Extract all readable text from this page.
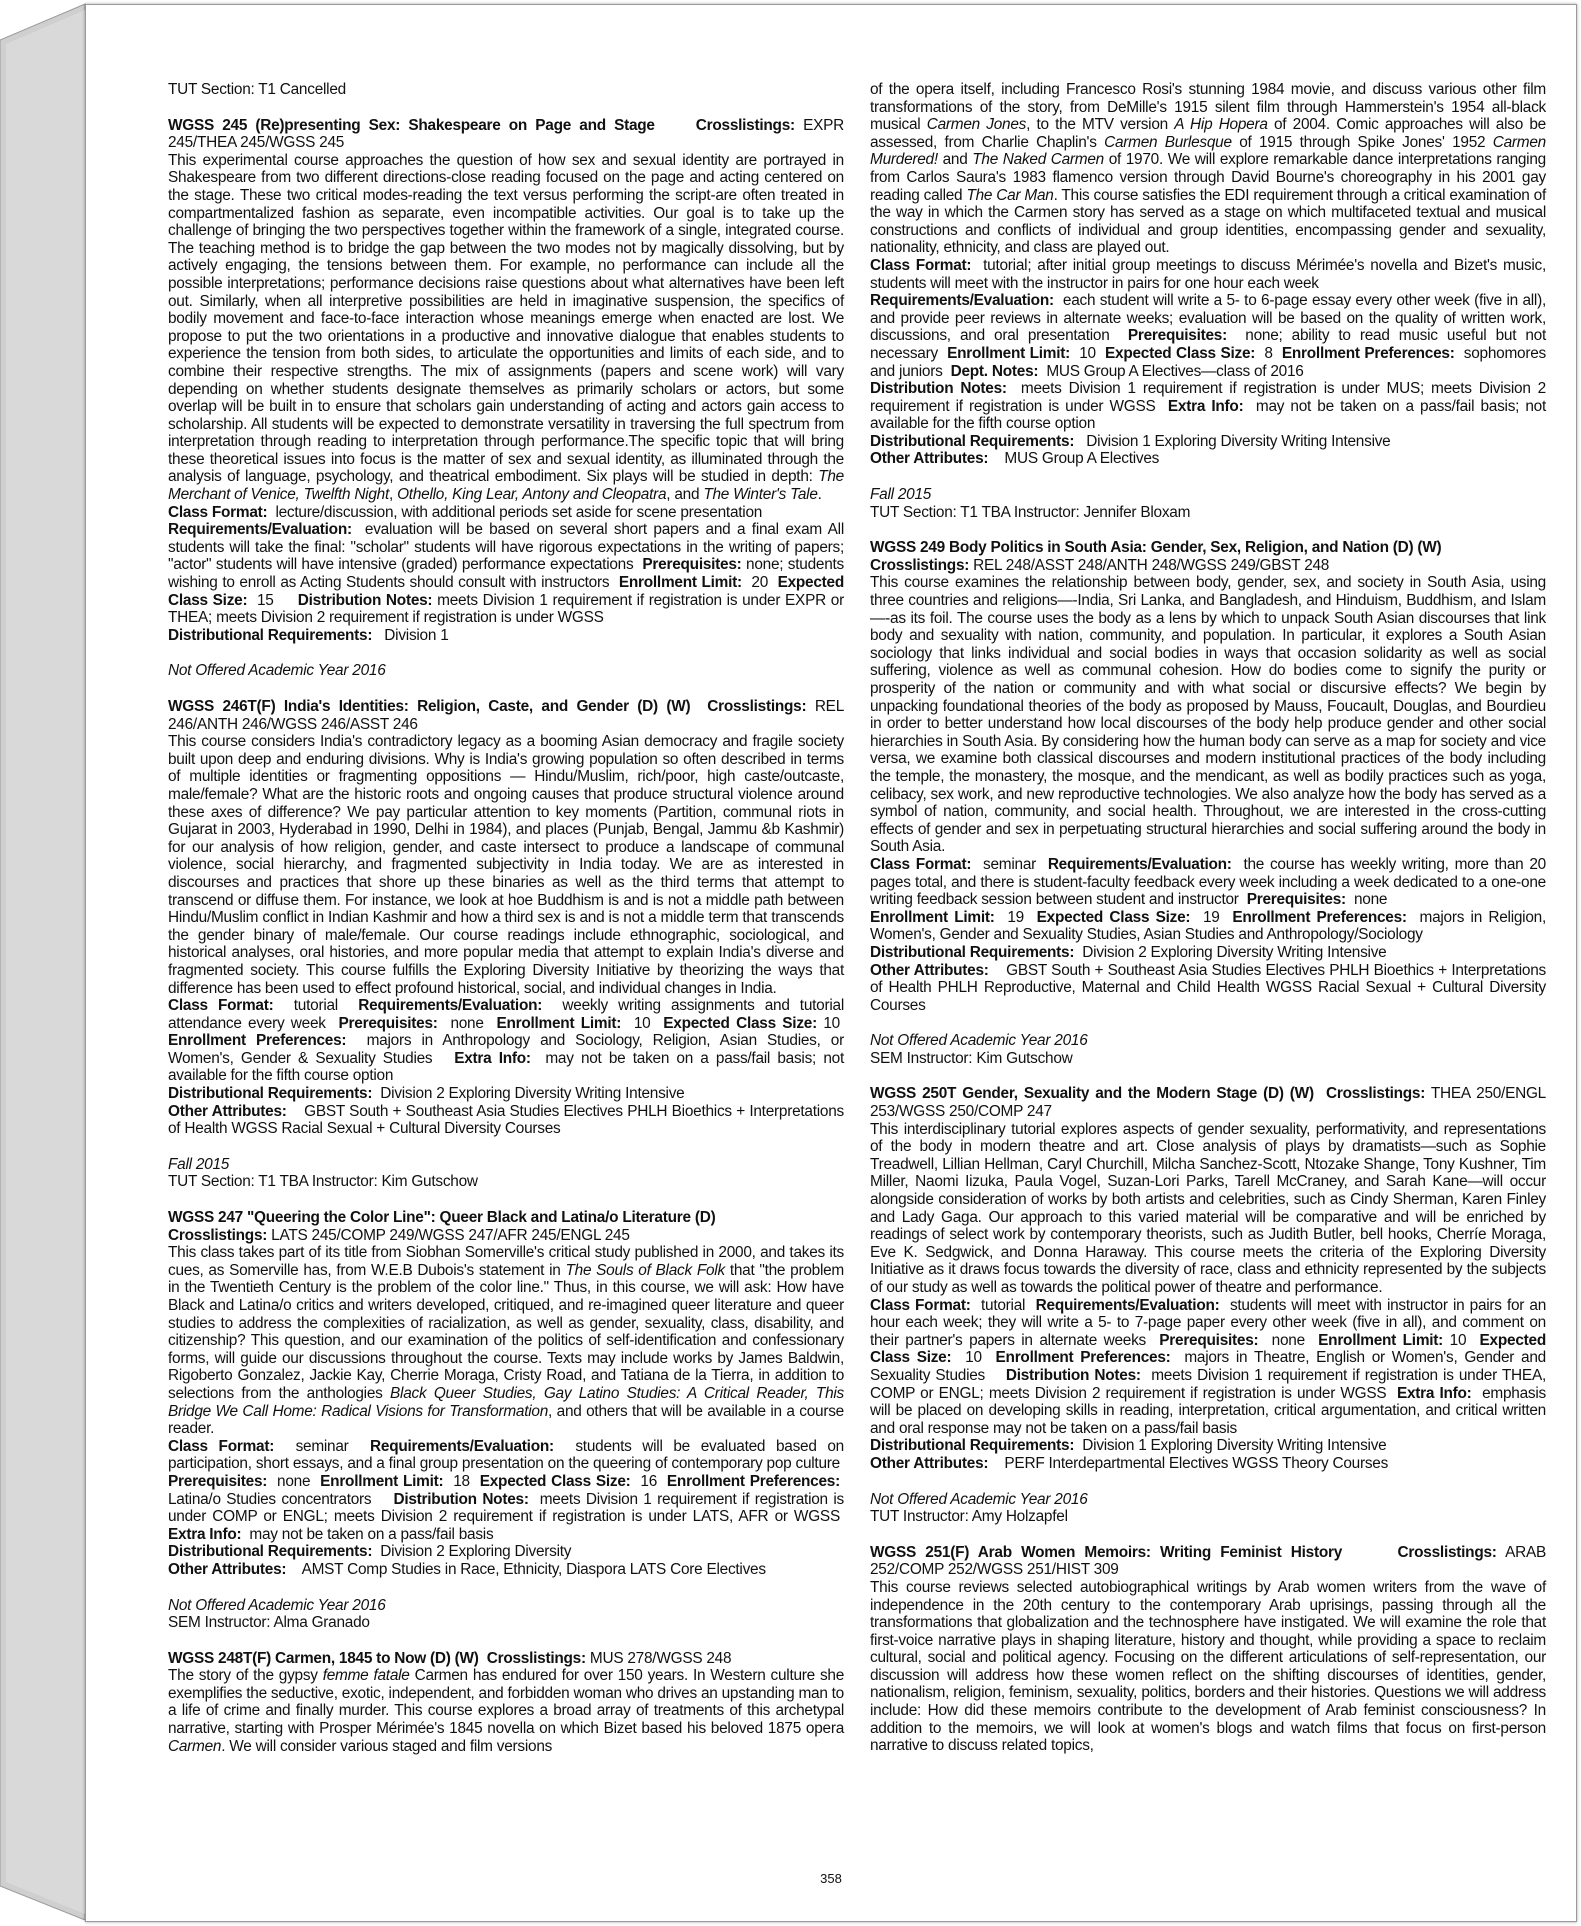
TUT Section: T1 Cancelled

WGSS 245 (Re)presenting Sex: Shakespeare on Page and Stage	Crosslistings: EXPR 245/THEA 245/WGSS 245
This experimental course approaches the question of how sex and sexual identity are portrayed in Shakespeare from two different directions-close reading focused on the page and acting centered on the stage. These two critical modes-reading the text versus performing the script-are often treated in compartmentalized fashion as separate, even incompatible activities. Our goal is to take up the challenge of bringing the two perspectives together within the framework of a single, integrated course. The teaching method is to bridge the gap between the two modes not by magically dissolving, but by actively engaging, the tensions between them. For example, no performance can include all the possible interpretations; performance decisions raise questions about what alternatives have been left out. Similarly, when all interpretive possibilities are held in imaginative suspension, the specifics of bodily movement and face-to-face interaction whose meanings emerge when enacted are lost. We propose to put the two orientations in a productive and innovative dialogue that enables students to experience the tension from both sides, to articulate the opportunities and limits of each side, and to combine their respective strengths. The mix of assignments (papers and scene work) will vary depending on whether students designate themselves as primarily scholars or actors, but some overlap will be built in to ensure that scholars gain understanding of acting and actors gain access to scholarship. All students will be expected to demonstrate versatility in traversing the full spectrum from interpretation through reading to interpretation through performance.The specific topic that will bring these theoretical issues into focus is the matter of sex and sexual identity, as illuminated through the analysis of language, psychology, and theatrical embodiment. Six plays will be studied in depth: The Merchant of Venice, Twelfth Night, Othello, King Lear, Antony and Cleopatra, and The Winter's Tale.
Class Format: lecture/discussion, with additional periods set aside for scene presentation
Requirements/Evaluation: evaluation will be based on several short papers and a final exam All students will take the final: "scholar" students will have rigorous expectations in the writing of papers; "actor" students will have intensive (graded) performance expectations Prerequisites: none; students wishing to enroll as Acting Students should consult with instructors Enrollment Limit: 20 Expected Class Size: 15 Distribution Notes: meets Division 1 requirement if registration is under EXPR or THEA; meets Division 2 requirement if registration is under WGSS
Distributional Requirements: Division 1

Not Offered Academic Year 2016

WGSS 246T(F) India's Identities: Religion, Caste, and Gender (D) (W) Crosslistings: REL 246/ANTH 246/WGSS 246/ASST 246
This course considers India's contradictory legacy as a booming Asian democracy and fragile society built upon deep and enduring divisions. Why is India's growing population so often described in terms of multiple identities or fragmenting oppositions — Hindu/Muslim, rich/poor, high caste/outcaste, male/female? What are the historic roots and ongoing causes that produce structural violence around these axes of difference? We pay particular attention to key moments (Partition, communal riots in Gujarat in 2003, Hyderabad in 1990, Delhi in 1984), and places (Punjab, Bengal, Jammu &b Kashmir) for our analysis of how religion, gender, and caste intersect to produce a landscape of communal violence, social hierarchy, and fragmented subjectivity in India today. We are as interested in discourses and practices that shore up these binaries as well as the third terms that attempt to transcend or diffuse them. For instance, we look at hoe Buddhism is and is not a middle path between Hindu/Muslim conflict in Indian Kashmir and how a third sex is and is not a middle term that transcends the gender binary of male/female. Our course readings include ethnographic, sociological, and historical analyses, oral histories, and more popular media that attempt to explain India's diverse and fragmented society. This course fulfills the Exploring Diversity Initiative by theorizing the ways that difference has been used to effect profound historical, social, and individual changes in India.
Class Format: tutorial Requirements/Evaluation: weekly writing assignments and tutorial attendance every week Prerequisites: none Enrollment Limit: 10 Expected Class Size: 10  Enrollment Preferences: majors in Anthropology and Sociology, Religion, Asian Studies, or Women's, Gender & Sexuality Studies Extra Info: may not be taken on a pass/fail basis; not available for the fifth course option
Distributional Requirements: Division 2 Exploring Diversity Writing Intensive
Other Attributes: GBST South + Southeast Asia Studies Electives PHLH Bioethics + Interpretations of Health WGSS Racial Sexual + Cultural Diversity Courses

Fall 2015

TUT Section: T1 TBA Instructor: Kim Gutschow

WGSS 247 "Queering the Color Line": Queer Black and Latina/o Literature (D)
Crosslistings: LATS 245/COMP 249/WGSS 247/AFR 245/ENGL 245
This class takes part of its title from Siobhan Somerville's critical study published in 2000, and takes its cues, as Somerville has, from W.E.B Dubois's statement in The Souls of Black Folk that "the problem in the Twentieth Century is the problem of the color line." Thus, in this course, we will ask: How have Black and Latina/o critics and writers developed, critiqued, and re-imagined queer literature and queer studies to address the complexities of racialization, as well as gender, sexuality, class, disability, and citizenship? This question, and our examination of the politics of self-identification and confessionary forms, will guide our discussions throughout the course. Texts may include works by James Baldwin, Rigoberto Gonzalez, Jackie Kay, Cherrie Moraga, Cristy Road, and Tatiana de la Tierra, in addition to selections from the anthologies Black Queer Studies, Gay Latino Studies: A Critical Reader, This Bridge We Call Home: Radical Visions for Transformation, and others that will be available in a course reader.
Class Format: seminar Requirements/Evaluation: students will be evaluated based on participation, short essays, and a final group presentation on the queering of contemporary pop culture  Prerequisites: none Enrollment Limit: 18 Expected Class Size: 16 Enrollment Preferences:  Latina/o Studies concentrators Distribution Notes: meets Division 1 requirement if registration is under COMP or ENGL; meets Division 2 requirement if registration is under LATS, AFR or WGSS  Extra Info: may not be taken on a pass/fail basis
Distributional Requirements: Division 2 Exploring Diversity
Other Attributes: AMST Comp Studies in Race, Ethnicity, Diaspora LATS Core Electives

Not Offered Academic Year 2016

SEM Instructor: Alma Granado

WGSS 248T(F) Carmen, 1845 to Now (D) (W) Crosslistings: MUS 278/WGSS 248
The story of the gypsy femme fatale Carmen has endured for over 150 years. In Western culture she exemplifies the seductive, exotic, independent, and forbidden woman who drives an upstanding man to a life of crime and finally murder. This course explores a broad array of treatments of this archetypal narrative, starting with Prosper Mérimée's 1845 novella on which Bizet based his beloved 1875 opera Carmen. We will consider various staged and film versions

of the opera itself, including Francesco Rosi's stunning 1984 movie, and discuss various other film transformations of the story, from DeMille's 1915 silent film through Hammerstein's 1954 all-black musical Carmen Jones, to the MTV version A Hip Hopera of 2004. Comic approaches will also be assessed, from Charlie Chaplin's Carmen Burlesque of 1915 through Spike Jones' 1952 Carmen Murdered! and The Naked Carmen of 1970. We will explore remarkable dance interpretations ranging from Carlos Saura's 1983 flamenco version through David Bourne's choreography in his 2001 gay reading called The Car Man. This course satisfies the EDI requirement through a critical examination of the way in which the Carmen story has served as a stage on which multifaceted textual and musical constructions and conflicts of individual and group identities, encompassing gender and sexuality, nationality, ethnicity, and class are played out.
Class Format: tutorial; after initial group meetings to discuss Mérimée's novella and Bizet's music, students will meet with the instructor in pairs for one hour each week
Requirements/Evaluation: each student will write a 5- to 6-page essay every other week (five in all), and provide peer reviews in alternate weeks; evaluation will be based on the quality of written work, discussions, and oral presentation Prerequisites: none; ability to read music useful but not necessary Enrollment Limit: 10 Expected Class Size: 8 Enrollment Preferences: sophomores and juniors Dept. Notes: MUS Group A Electives—class of 2016
Distribution Notes: meets Division 1 requirement if registration is under MUS; meets Division 2 requirement if registration is under WGSS Extra Info: may not be taken on a pass/fail basis; not available for the fifth course option
Distributional Requirements: Division 1 Exploring Diversity Writing Intensive
Other Attributes: MUS Group A Electives

Fall 2015

TUT Section: T1 TBA Instructor: Jennifer Bloxam

WGSS 249 Body Politics in South Asia: Gender, Sex, Religion, and Nation (D) (W)
Crosslistings: REL 248/ASST 248/ANTH 248/WGSS 249/GBST 248
This course examines the relationship between body, gender, sex, and society in South Asia, using three countries and religions—-India, Sri Lanka, and Bangladesh, and Hinduism, Buddhism, and Islam—-as its foil. The course uses the body as a lens by which to unpack South Asian discourses that link body and sexuality with nation, community, and population. In particular, it explores a South Asian sociology that links individual and social bodies in ways that occasion solidarity as well as social suffering, violence as well as communal cohesion. How do bodies come to signify the purity or prosperity of the nation or community and with what social or discursive effects? We begin by unpacking foundational theories of the body as proposed by Mauss, Foucault, Douglas, and Bourdieu in order to better understand how local discourses of the body help produce gender and other social hierarchies in South Asia. By considering how the human body can serve as a map for society and vice versa, we examine both classical discourses and modern institutional practices of the body including the temple, the monastery, the mosque, and the mendicant, as well as bodily practices such as yoga, celibacy, sex work, and new reproductive technologies. We also analyze how the body has served as a symbol of nation, community, and social health. Throughout, we are interested in the cross-cutting effects of gender and sex in perpetuating structural hierarchies and social suffering around the body in South Asia.
Class Format: seminar Requirements/Evaluation: the course has weekly writing, more than 20 pages total, and there is student-faculty feedback every week including a week dedicated to a one-one writing feedback session between student and instructor Prerequisites: none
Enrollment Limit: 19 Expected Class Size: 19 Enrollment Preferences: majors in Religion, Women's, Gender and Sexuality Studies, Asian Studies and Anthropology/Sociology
Distributional Requirements: Division 2 Exploring Diversity Writing Intensive
Other Attributes: GBST South + Southeast Asia Studies Electives PHLH Bioethics + Interpretations of Health PHLH Reproductive, Maternal and Child Health WGSS Racial Sexual + Cultural Diversity Courses

Not Offered Academic Year 2016

SEM Instructor: Kim Gutschow

WGSS 250T Gender, Sexuality and the Modern Stage (D) (W) Crosslistings: THEA 250/ENGL 253/WGSS 250/COMP 247
This interdisciplinary tutorial explores aspects of gender sexuality, performativity, and representations of the body in modern theatre and art. Close analysis of plays by dramatists—such as Sophie Treadwell, Lillian Hellman, Caryl Churchill, Milcha Sanchez-Scott, Ntozake Shange, Tony Kushner, Tim Miller, Naomi Iizuka, Paula Vogel, Suzan-Lori Parks, Tarell McCraney, and Sarah Kane—will occur alongside consideration of works by both artists and celebrities, such as Cindy Sherman, Karen Finley and Lady Gaga. Our approach to this varied material will be comparative and will be enriched by readings of select work by contemporary theorists, such as Judith Butler, bell hooks, Cherríe Moraga, Eve K. Sedgwick, and Donna Haraway. This course meets the criteria of the Exploring Diversity Initiative as it draws focus towards the diversity of race, class and ethnicity represented by the subjects of our study as well as towards the political power of theatre and performance.
Class Format: tutorial Requirements/Evaluation: students will meet with instructor in pairs for an hour each week; they will write a 5- to 7-page paper every other week (five in all), and comment on their partner's papers in alternate weeks Prerequisites: none Enrollment Limit: 10 Expected Class Size: 10 Enrollment Preferences: majors in Theatre, English or Women's, Gender and Sexuality Studies Distribution Notes: meets Division 1 requirement if registration is under THEA, COMP or ENGL; meets Division 2 requirement if registration is under WGSS Extra Info: emphasis will be placed on developing skills in reading, interpretation, critical argumentation, and critical written and oral response may not be taken on a pass/fail basis
Distributional Requirements: Division 1 Exploring Diversity Writing Intensive
Other Attributes: PERF Interdepartmental Electives WGSS Theory Courses

Not Offered Academic Year 2016

TUT Instructor: Amy Holzapfel

WGSS 251(F) Arab Women Memoirs: Writing Feminist History	Crosslistings: ARAB 252/COMP 252/WGSS 251/HIST 309
This course reviews selected autobiographical writings by Arab women writers from the wave of independence in the 20th century to the contemporary Arab uprisings, passing through all the transformations that globalization and the technosphere have instigated. We will examine the role that first-voice narrative plays in shaping literature, history and thought, while providing a space to reclaim cultural, social and political agency. Focusing on the different articulations of self-representation, our discussion will address how these women reflect on the shifting discourses of identities, gender, nationalism, religion, feminism, sexuality, politics, borders and their histories. Questions we will address include: How did these memoirs contribute to the development of Arab feminist consciousness? In addition to the memoirs, we will look at women's blogs and watch films that focus on first-person narrative to discuss related topics,

358
